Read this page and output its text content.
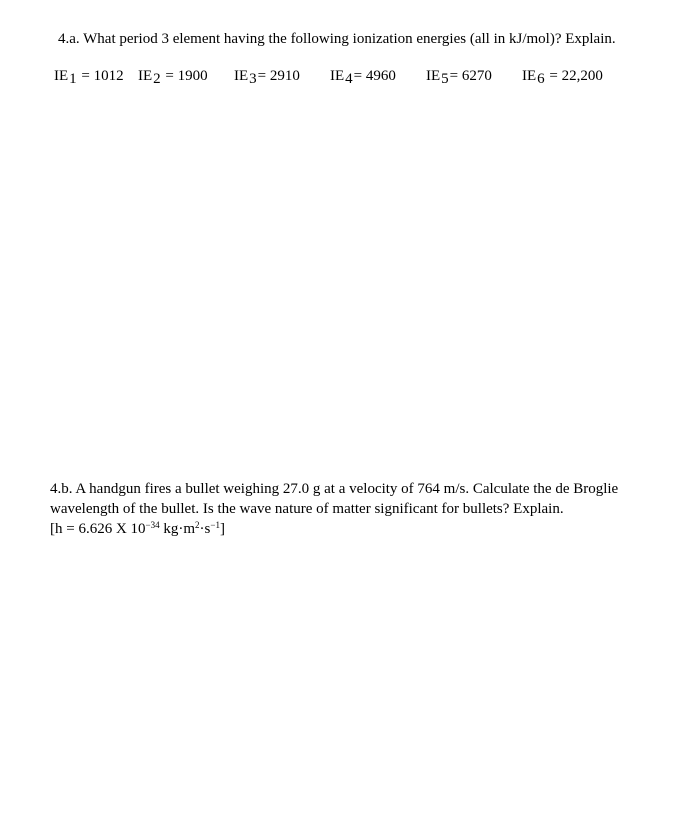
4.a. What period 3 element having the following ionization energies (all in kJ/mol)? Explain.
IE1 = 1012 IE2 = 1900 IE3= 2910 IE4= 4960 IE5= 6270 IE6 = 22,200
4.b. A handgun fires a bullet weighing 27.0 g at a velocity of 764 m/s. Calculate the de Broglie
wavelength of the bullet. Is the wave nature of matter significant for bullets? Explain.
[h = 6.626 X $10^{-34}$ $kg\cdot m^2\cdot s^{-1}$]
